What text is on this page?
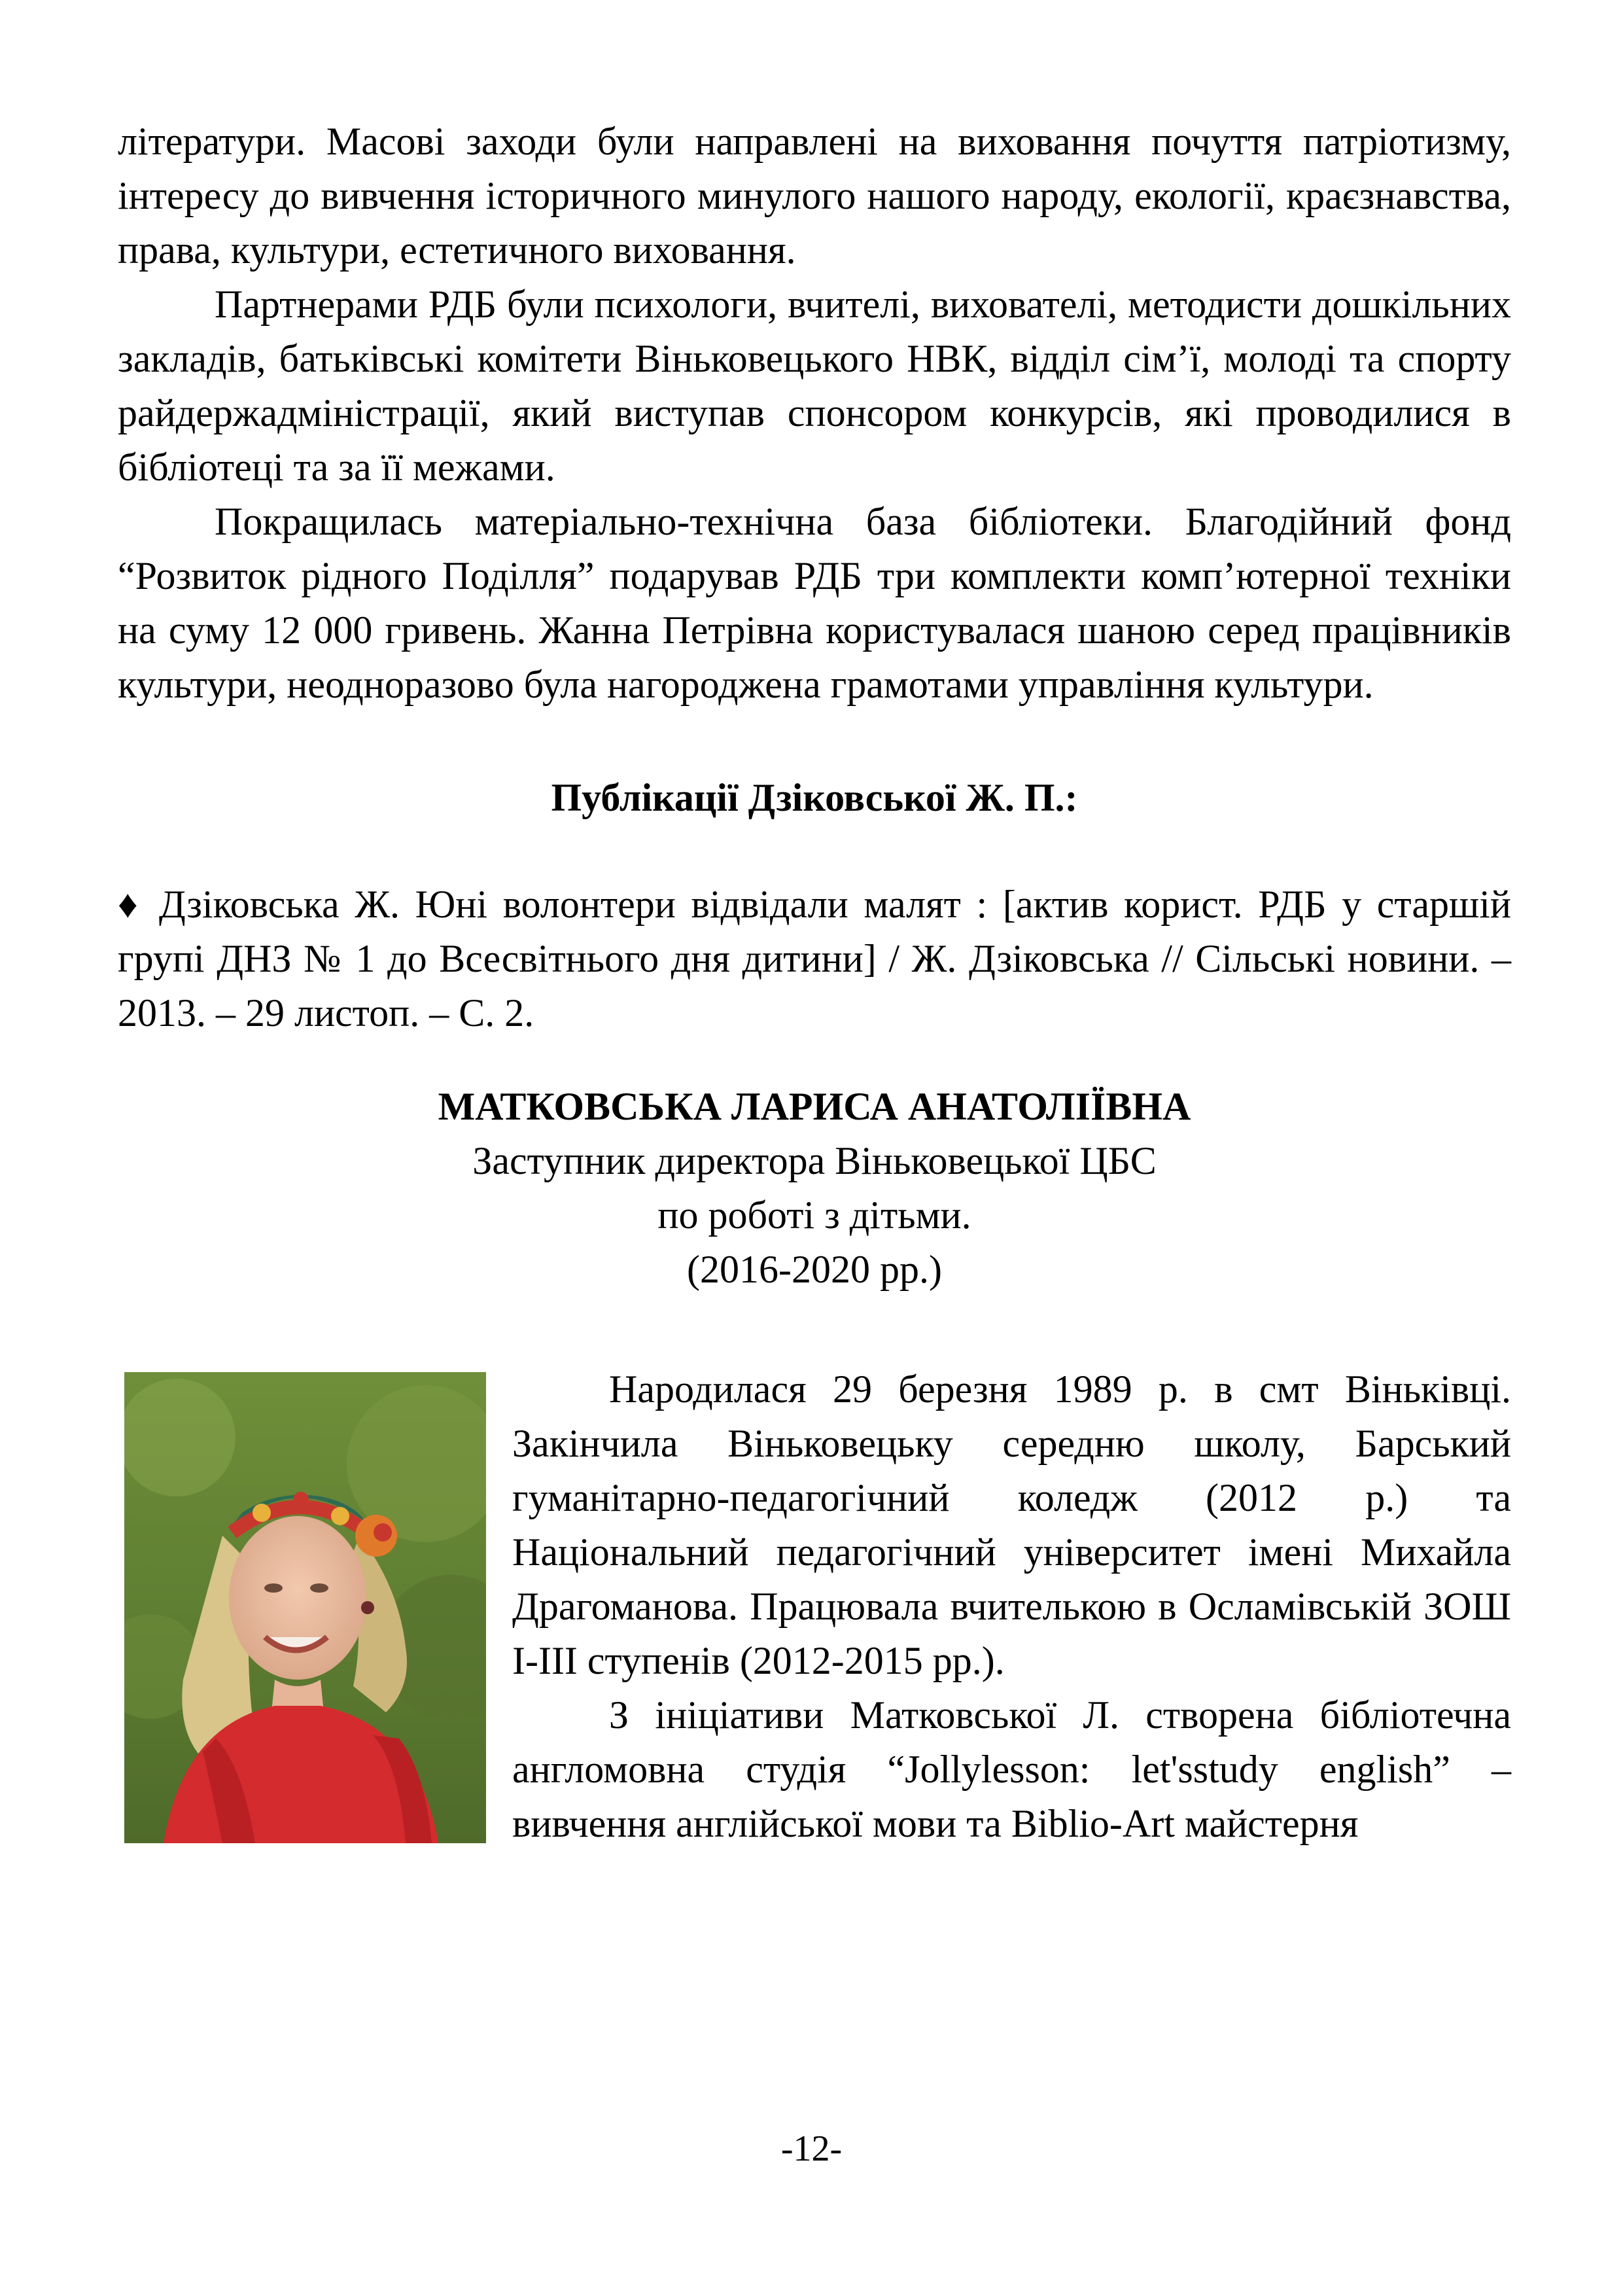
літератури. Масові заходи були направлені на виховання почуття патріотизму, інтересу до вивчення історичного минулого нашого народу, екології, краєзнавства, права, культури, естетичного виховання.

Партнерами РДБ були психологи, вчителі, вихователі, методисти дошкільних закладів, батьківські комітети Віньковецького НВК, відділ сім’ї, молоді та спорту райдержадміністрації, який виступав спонсором конкурсів, які проводилися в бібліотеці та за її межами.

Покращилась матеріально-технічна база бібліотеки. Благодійний фонд “Розвиток рідного Поділля” подарував РДБ три комплекти комп’ютерної техніки на суму 12 000 гривень. Жанна Петрівна користувалася шаною серед працівників культури, неодноразово була нагороджена грамотами управління культури.

Публікації Дзіковської Ж. П.:

♦ Дзіковська Ж. Юні волонтери відвідали малят : [актив корист. РДБ у старшій групі ДНЗ № 1 до Всесвітнього дня дитини] / Ж. Дзіковська // Сільські новини. – 2013. – 29 листоп. – С. 2.

МАТКОВСЬКА ЛАРИСА АНАТОЛІЇВНА

Заступник директора Віньковецької ЦБС

по роботі з дітьми.

(2016-2020 рр.)

Народилася 29 березня 1989 р. в смт Віньківці. Закінчила Віньковецьку середню школу, Барський гуманітарно-педагогічний коледж (2012 р.) та Національний педагогічний університет імені Михайла Драгоманова. Працювала вчителькою в Осламівській ЗОШ І-ІІІ ступенів (2012-2015 рр.).

З ініціативи Матковської Л. створена бібліотечна англомовна студія “Jollylesson: let'sstudy english” – вивчення англійської мови та Biblio-Art майстерня

-12-
